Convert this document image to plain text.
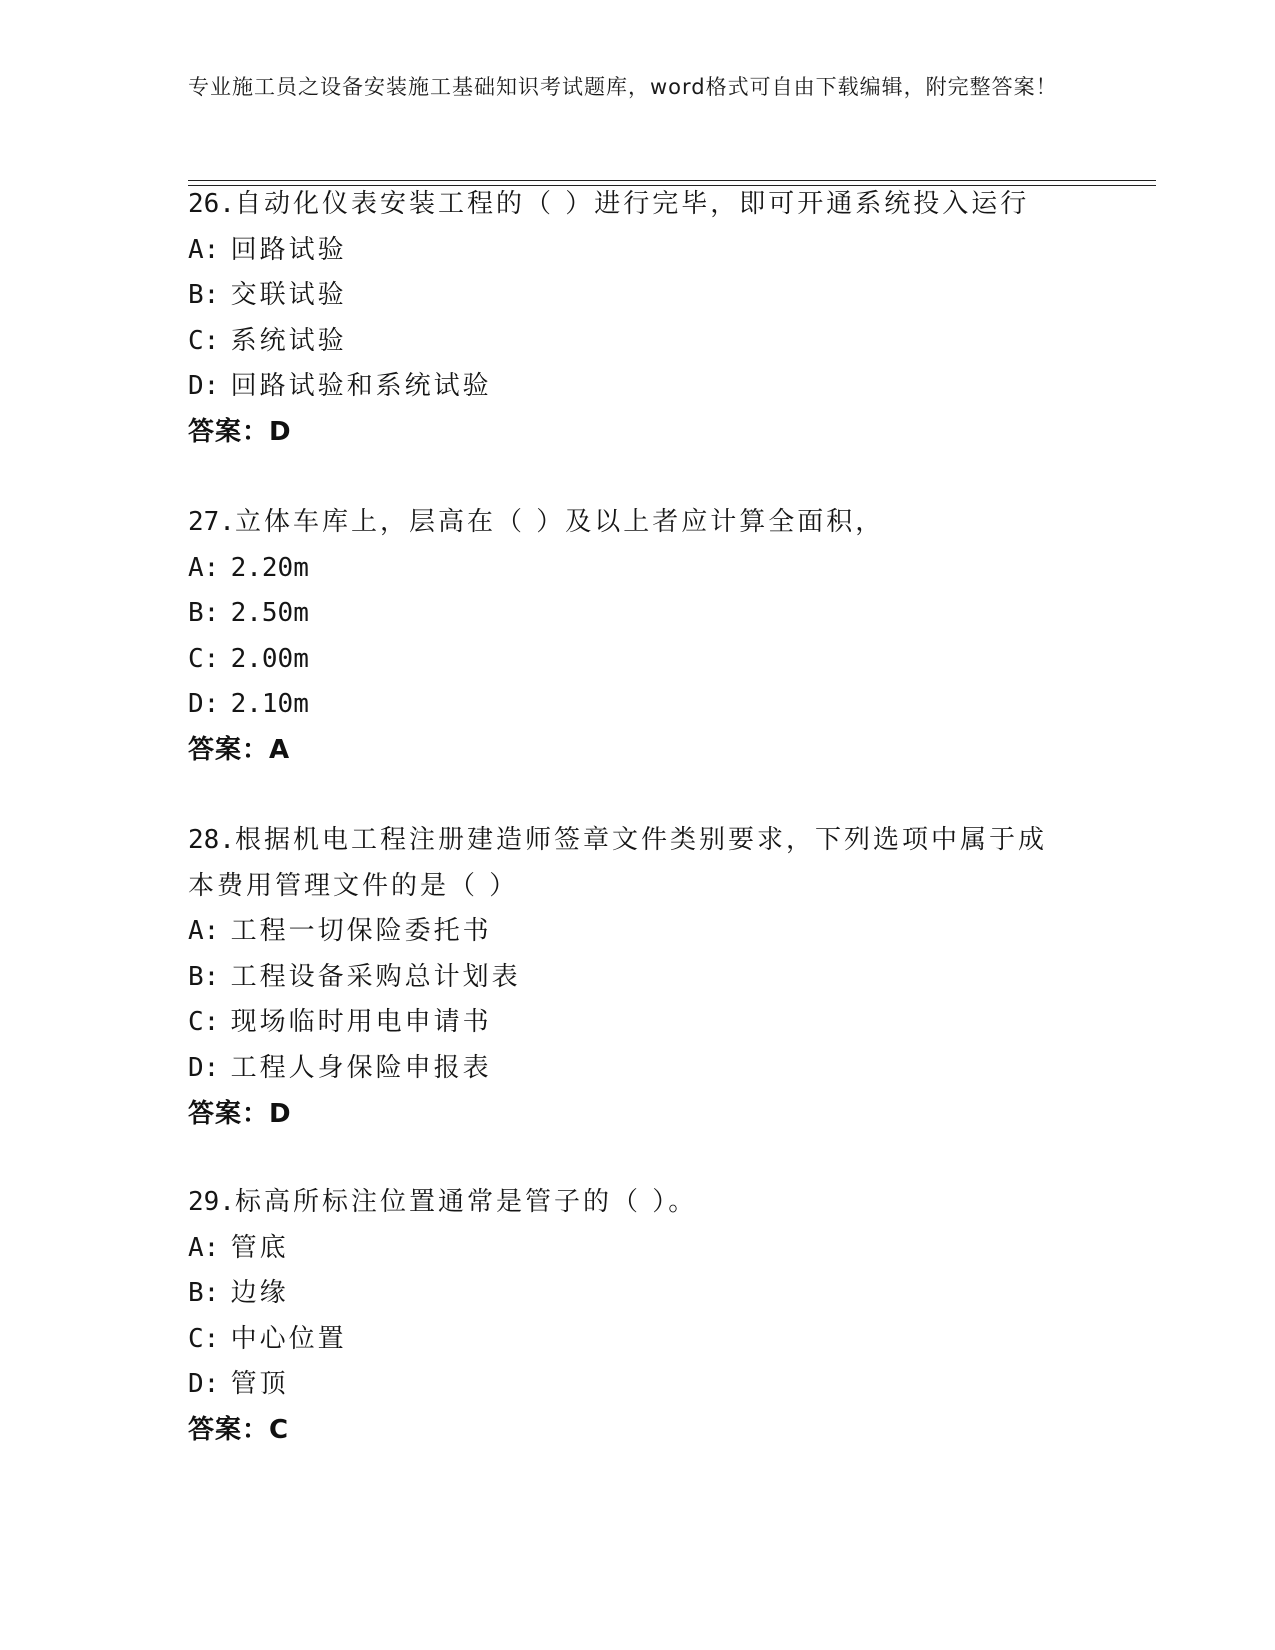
专业施工员之设备安装施工基础知识考试题库，word格式可自由下载编辑，附完整答案！
26.自动化仪表安装工程的（ ）进行完毕，即可开通系统投入运行
A: 回路试验
B: 交联试验
C: 系统试验
D: 回路试验和系统试验
答案：D
27.立体车库上，层高在（ ）及以上者应计算全面积，
A: 2.20m
B: 2.50m
C: 2.00m
D: 2.10m
答案：A
28.根据机电工程注册建造师签章文件类别要求，下列选项中属于成本费用管理文件的是（ ）
A: 工程一切保险委托书
B: 工程设备采购总计划表
C: 现场临时用电申请书
D: 工程人身保险申报表
答案：D
29.标高所标注位置通常是管子的（ ）。
A: 管底
B: 边缘
C: 中心位置
D: 管顶
答案：C
